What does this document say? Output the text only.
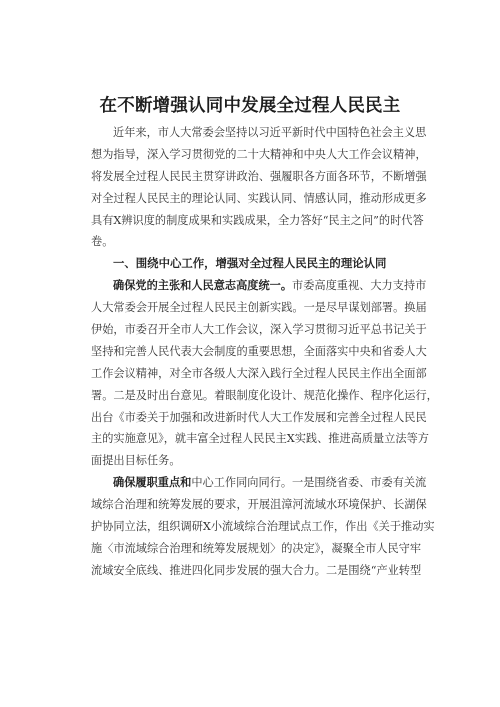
在不断增强认同中发展全过程人民民主
近年来，市人大常委会坚持以习近平新时代中国特色社会主义思
想为指导，深入学习贯彻党的二十大精神和中央人大工作会议精神，
将发展全过程人民民主贯穿讲政治、强履职各方面各环节，不断增强
对全过程人民民主的理论认同、实践认同、情感认同，推动形成更多
具有X辨识度的制度成果和实践成果，全力答好“民主之问”的时代答
卷。
一、围绕中心工作，增强对全过程人民民主的理论认同
确保党的主张和人民意志高度统一。市委高度重视、大力支持市
人大常委会开展全过程人民民主创新实践。一是尽早谋划部署。换届
伊始，市委召开全市人大工作会议，深入学习贯彻习近平总书记关于
坚持和完善人民代表大会制度的重要思想，全面落实中央和省委人大
工作会议精神，对全市各级人大深入践行全过程人民民主作出全面部
署。二是及时出台意见。着眼制度化设计、规范化操作、程序化运行，
出台《市委关于加强和改进新时代人大工作发展和完善全过程人民民
主的实施意见》，就丰富全过程人民民主X实践、推进高质量立法等方
面提出目标任务。
确保履职重点和中心工作同向同行。一是围绕省委、市委有关流
域综合治理和统筹发展的要求，开展沮漳河流域水环境保护、长湖保
护协同立法，组织调研X小流域综合治理试点工作，作出《关于推动实
施〈市流域综合治理和统筹发展规划〉的决定》，凝聚全市人民守牢
流域安全底线、推进四化同步发展的强大合力。二是围绕“产业转型
